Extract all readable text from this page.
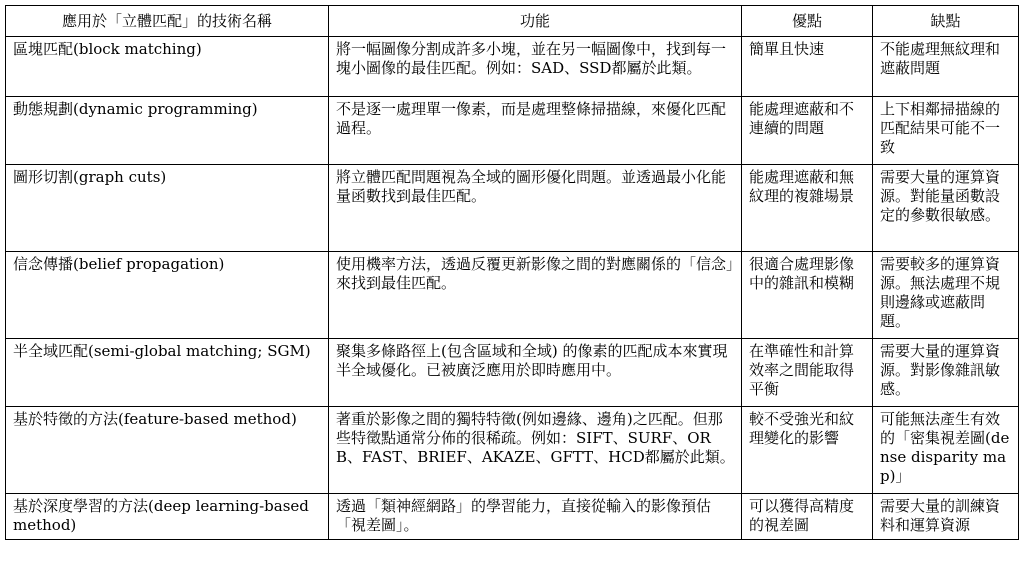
應用於「立體匹配」的技術名稱	功能	優點	缺點
區塊匹配(block matching)	將一幅圖像分割成許多小塊，並在另一幅圖像中，找到每一塊小圖像的最佳匹配。例如：SAD、SSD都屬於此類。	簡單且快速	不能處理無紋理和遮蔽問題
動態規劃(dynamic programming)	不是逐一處理單一像素，而是處理整條掃描線，來優化匹配過程。	能處理遮蔽和不連續的問題	上下相鄰掃描線的匹配結果可能不一致
圖形切割(graph cuts)	將立體匹配問題視為全域的圖形優化問題。並透過最小化能量函數找到最佳匹配。	能處理遮蔽和無紋理的複雜場景	需要大量的運算資源。對能量函數設定的參數很敏感。
信念傳播(belief propagation)	使用機率方法，透過反覆更新影像之間的對應關係的「信念」來找到最佳匹配。	很適合處理影像中的雜訊和模糊	需要較多的運算資源。無法處理不規則邊緣或遮蔽問題。
半全域匹配(semi-global matching; SGM)	聚集多條路徑上(包含區域和全域) 的像素的匹配成本來實現半全域優化。已被廣泛應用於即時應用中。	在準確性和計算效率之間能取得平衡	需要大量的運算資源。對影像雜訊敏感。
基於特徵的方法(feature-based method)	著重於影像之間的獨特特徵(例如邊緣、邊角)之匹配。但那些特徵點通常分佈的很稀疏。例如：SIFT、SURF、ORB、FAST、BRIEF、AKAZE、GFTT、HCD都屬於此類。	較不受強光和紋理變化的影響	可能無法產生有效的「密集視差圖(dense disparity map)」
基於深度學習的方法(deep learning-based method)	透過「類神經網路」的學習能力，直接從輸入的影像預估「視差圖」。	可以獲得高精度的視差圖	需要大量的訓練資料和運算資源
